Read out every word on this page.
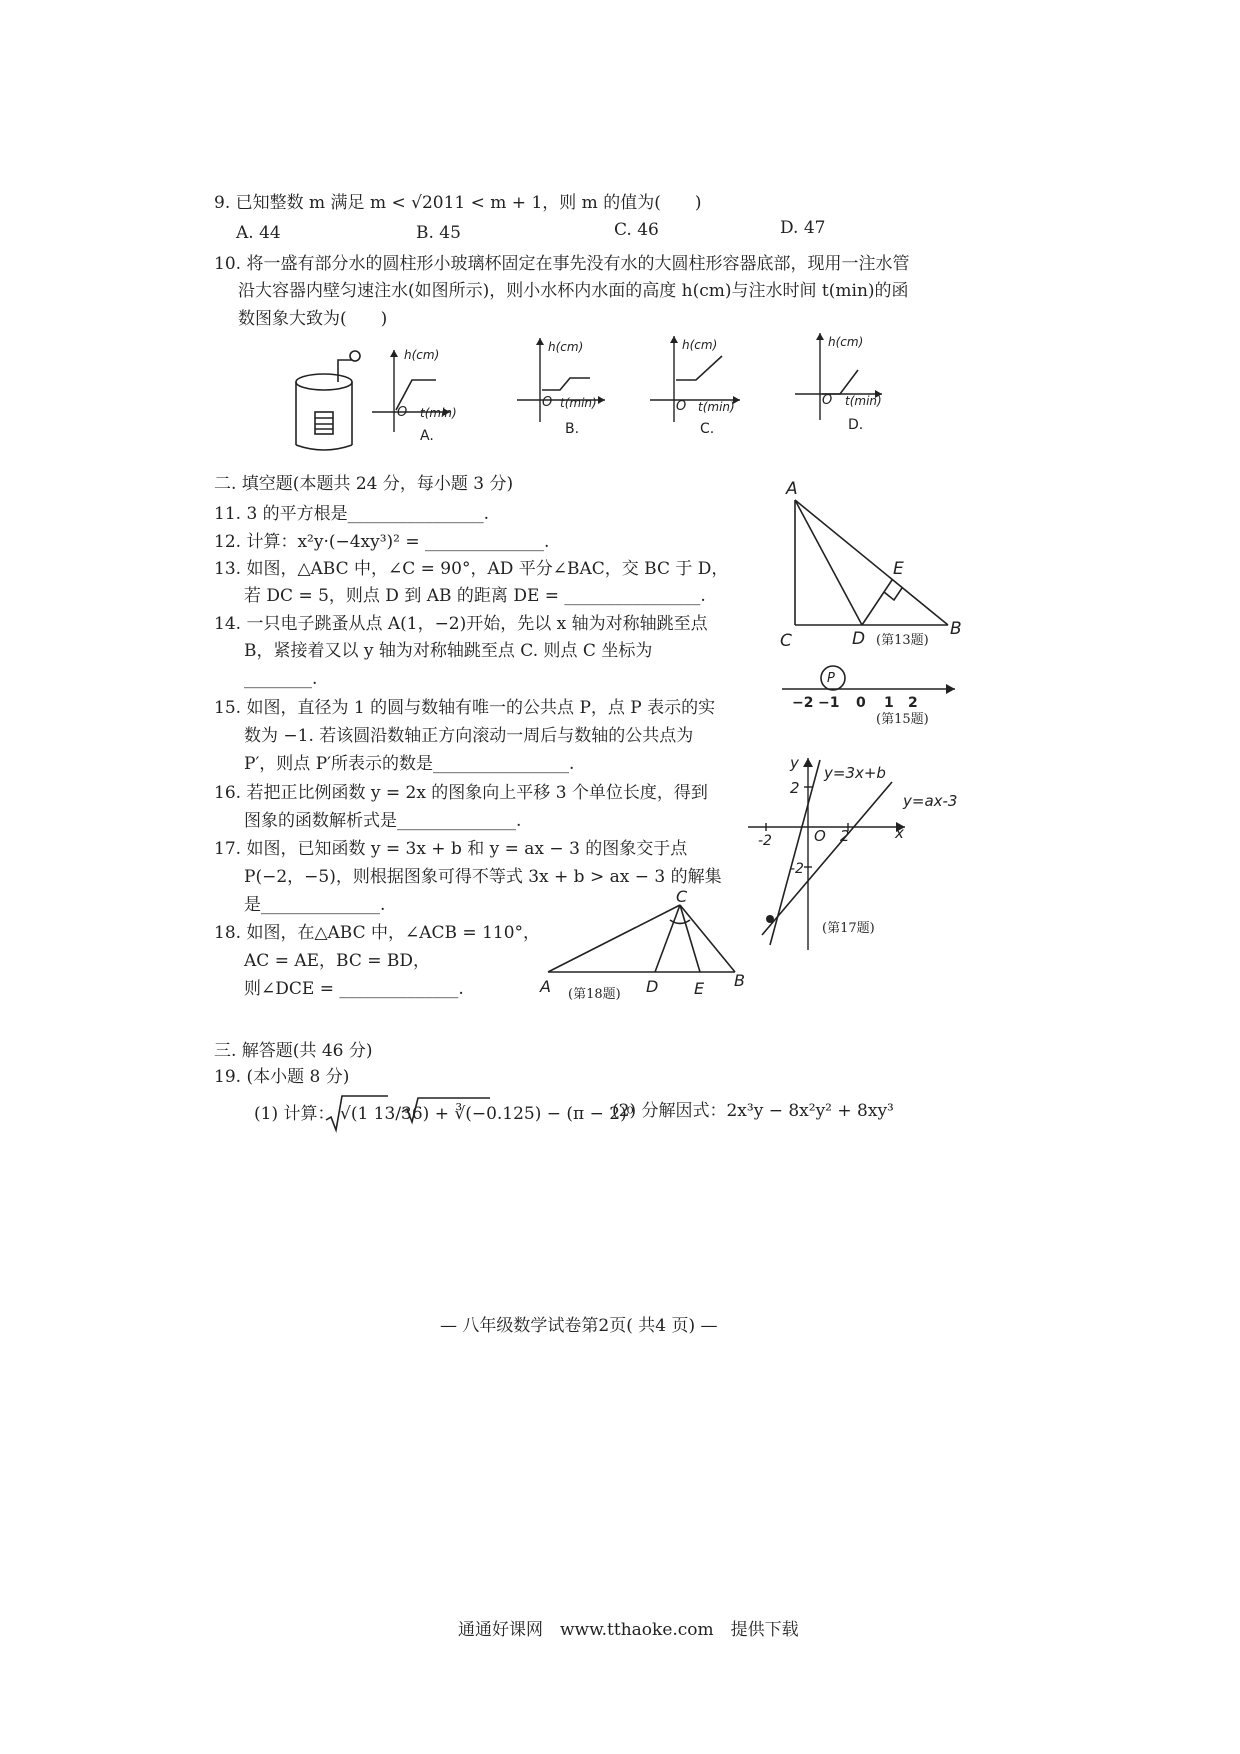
9. 已知整数 m 满足 m < √2011 < m + 1，则 m 的值为(　　)
A. 44	B. 45	C. 46	D. 47
10. 将一盛有部分水的圆柱形小玻璃杯固定在事先没有水的大圆柱形容器底部，现用一注水管
沿大容器内壁匀速注水(如图所示)，则小水杯内水面的高度 h(cm)与注水时间 t(min)的函
数图象大致为(　　)
h(cm)
t(min)
O
A.
h(cm)
t(min)
O
B.
h(cm)
t(min)
O
C.
h(cm)
t(min)
O
D.
二. 填空题(本题共 24 分，每小题 3 分)
11. 3 的平方根是________________.
12. 计算：x²y·(−4xy³)² = ______________.
13. 如图，△ABC 中，∠C = 90°，AD 平分∠BAC，交 BC 于 D，
若 DC = 5，则点 D 到 AB 的距离 DE = ________________.
14. 一只电子跳蚤从点 A(1，−2)开始，先以 x 轴为对称轴跳至点
B，紧接着又以 y 轴为对称轴跳至点 C. 则点 C 坐标为
________.
15. 如图，直径为 1 的圆与数轴有唯一的公共点 P，点 P 表示的实
数为 −1. 若该圆沿数轴正方向滚动一周后与数轴的公共点为
P′，则点 P′所表示的数是________________.
16. 若把正比例函数 y = 2x 的图象向上平移 3 个单位长度，得到
图象的函数解析式是______________.
17. 如图，已知函数 y = 3x + b 和 y = ax − 3 的图象交于点
P(−2，−5)，则根据图象可得不等式 3x + b > ax − 3 的解集
是______________.
18. 如图，在△ABC 中，∠ACB = 110°，
AC = AE，BC = BD，
则∠DCE = ______________.
A
E
C	D	B
(第13题)
P
−2 −1 0 1 2
(第15题)
y
y=3x+b
y=ax-3
2
-2	O 2	x
-2
(第17题)
C
A	D E B
(第18题)
三. 解答题(共 46 分)
19. (本小题 8 分)
(1) 计算： √(1 13/36) + ∛(−0.125) − (π − 2)⁰
(2) 分解因式：2x³y − 8x²y² + 8xy³
— 八年级数学试卷第2页( 共4 页) —
通通好课网　www.tthaoke.com　提供下载
